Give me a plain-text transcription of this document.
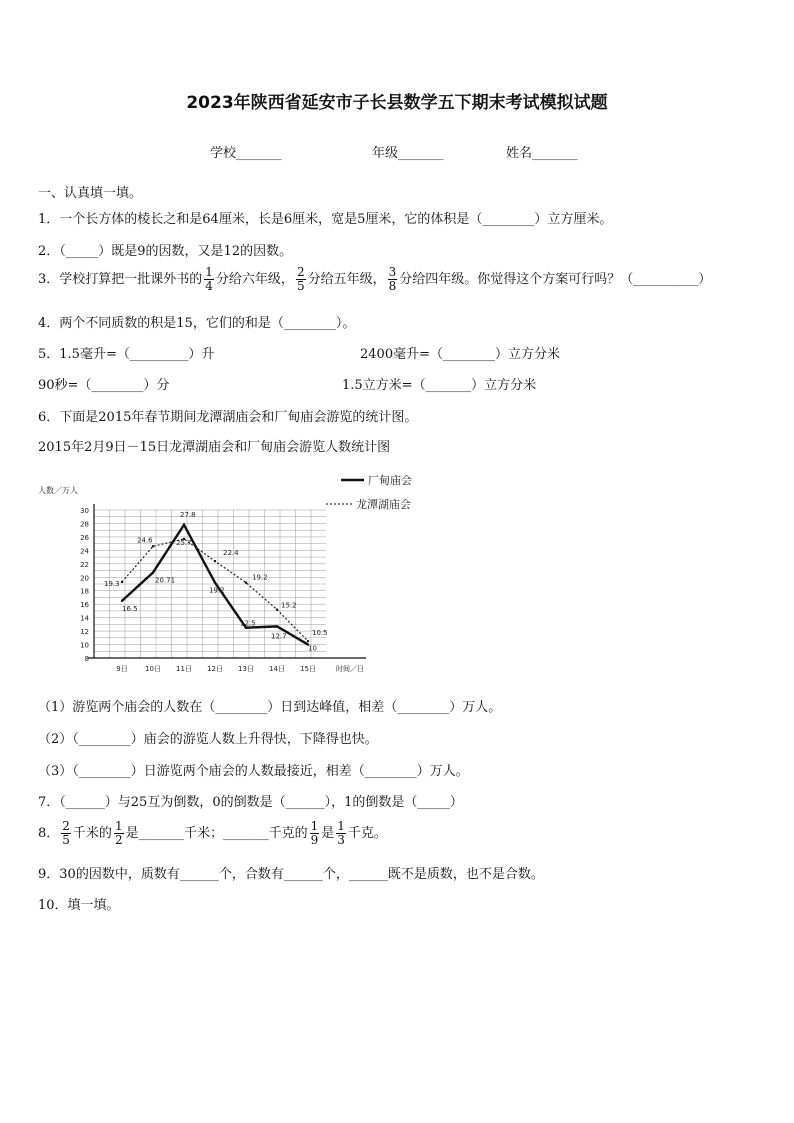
2023年陕西省延安市子长县数学五下期末考试模拟试题
学校_______	年级_______	姓名_______
一、认真填一填。
1．一个长方体的棱长之和是64厘米，长是6厘米，宽是5厘米，它的体积是（________）立方厘米。
2．（_____）既是9的因数，又是12的因数。
3．学校打算把一批课外书的 $\frac{1}{4}$ 分给六年级， $\frac{2}{5}$ 分给五年级， $\frac{3}{8}$ 分给四年级。你觉得这个方案可行吗？（__________）
4．两个不同质数的积是15，它们的和是（________）。
5．1.5毫升=（_________）升	2400毫升=（________）立方分米
90秒=（________）分	1.5立方米=（_______）立方分米
6．下面是2015年春节期间龙潭湖庙会和厂甸庙会游览的统计图。
2015年2月9日－15日龙潭湖庙会和厂甸庙会游览人数统计图
8
10
12
14
16
18
20
22
24
26
28
30
9日 10日 11日 12日 13日 14日 15日
人数／万人
时间／日
16.5
20.71
27.8
19.2
12.5
12.7
10
19.3
24.6	25.7
22.4
19.2
15.2
10.5
厂甸庙会
龙潭湖庙会
（1）游览两个庙会的人数在（________）日到达峰值，相差（________）万人。
（2）（________）庙会的游览人数上升得快，下降得也快。
（3）（________）日游览两个庙会的人数最接近，相差（________）万人。
7．（______）与25互为倒数，0的倒数是（______），1的倒数是（_____）
8． $\frac{2}{5}$ 千米的 $\frac{1}{2}$ 是_______千米；_______千克的 $\frac{1}{9}$ 是 $\frac{1}{3}$ 千克。
9．30的因数中，质数有______个，合数有______个，______既不是质数，也不是合数。
10．填一填。
